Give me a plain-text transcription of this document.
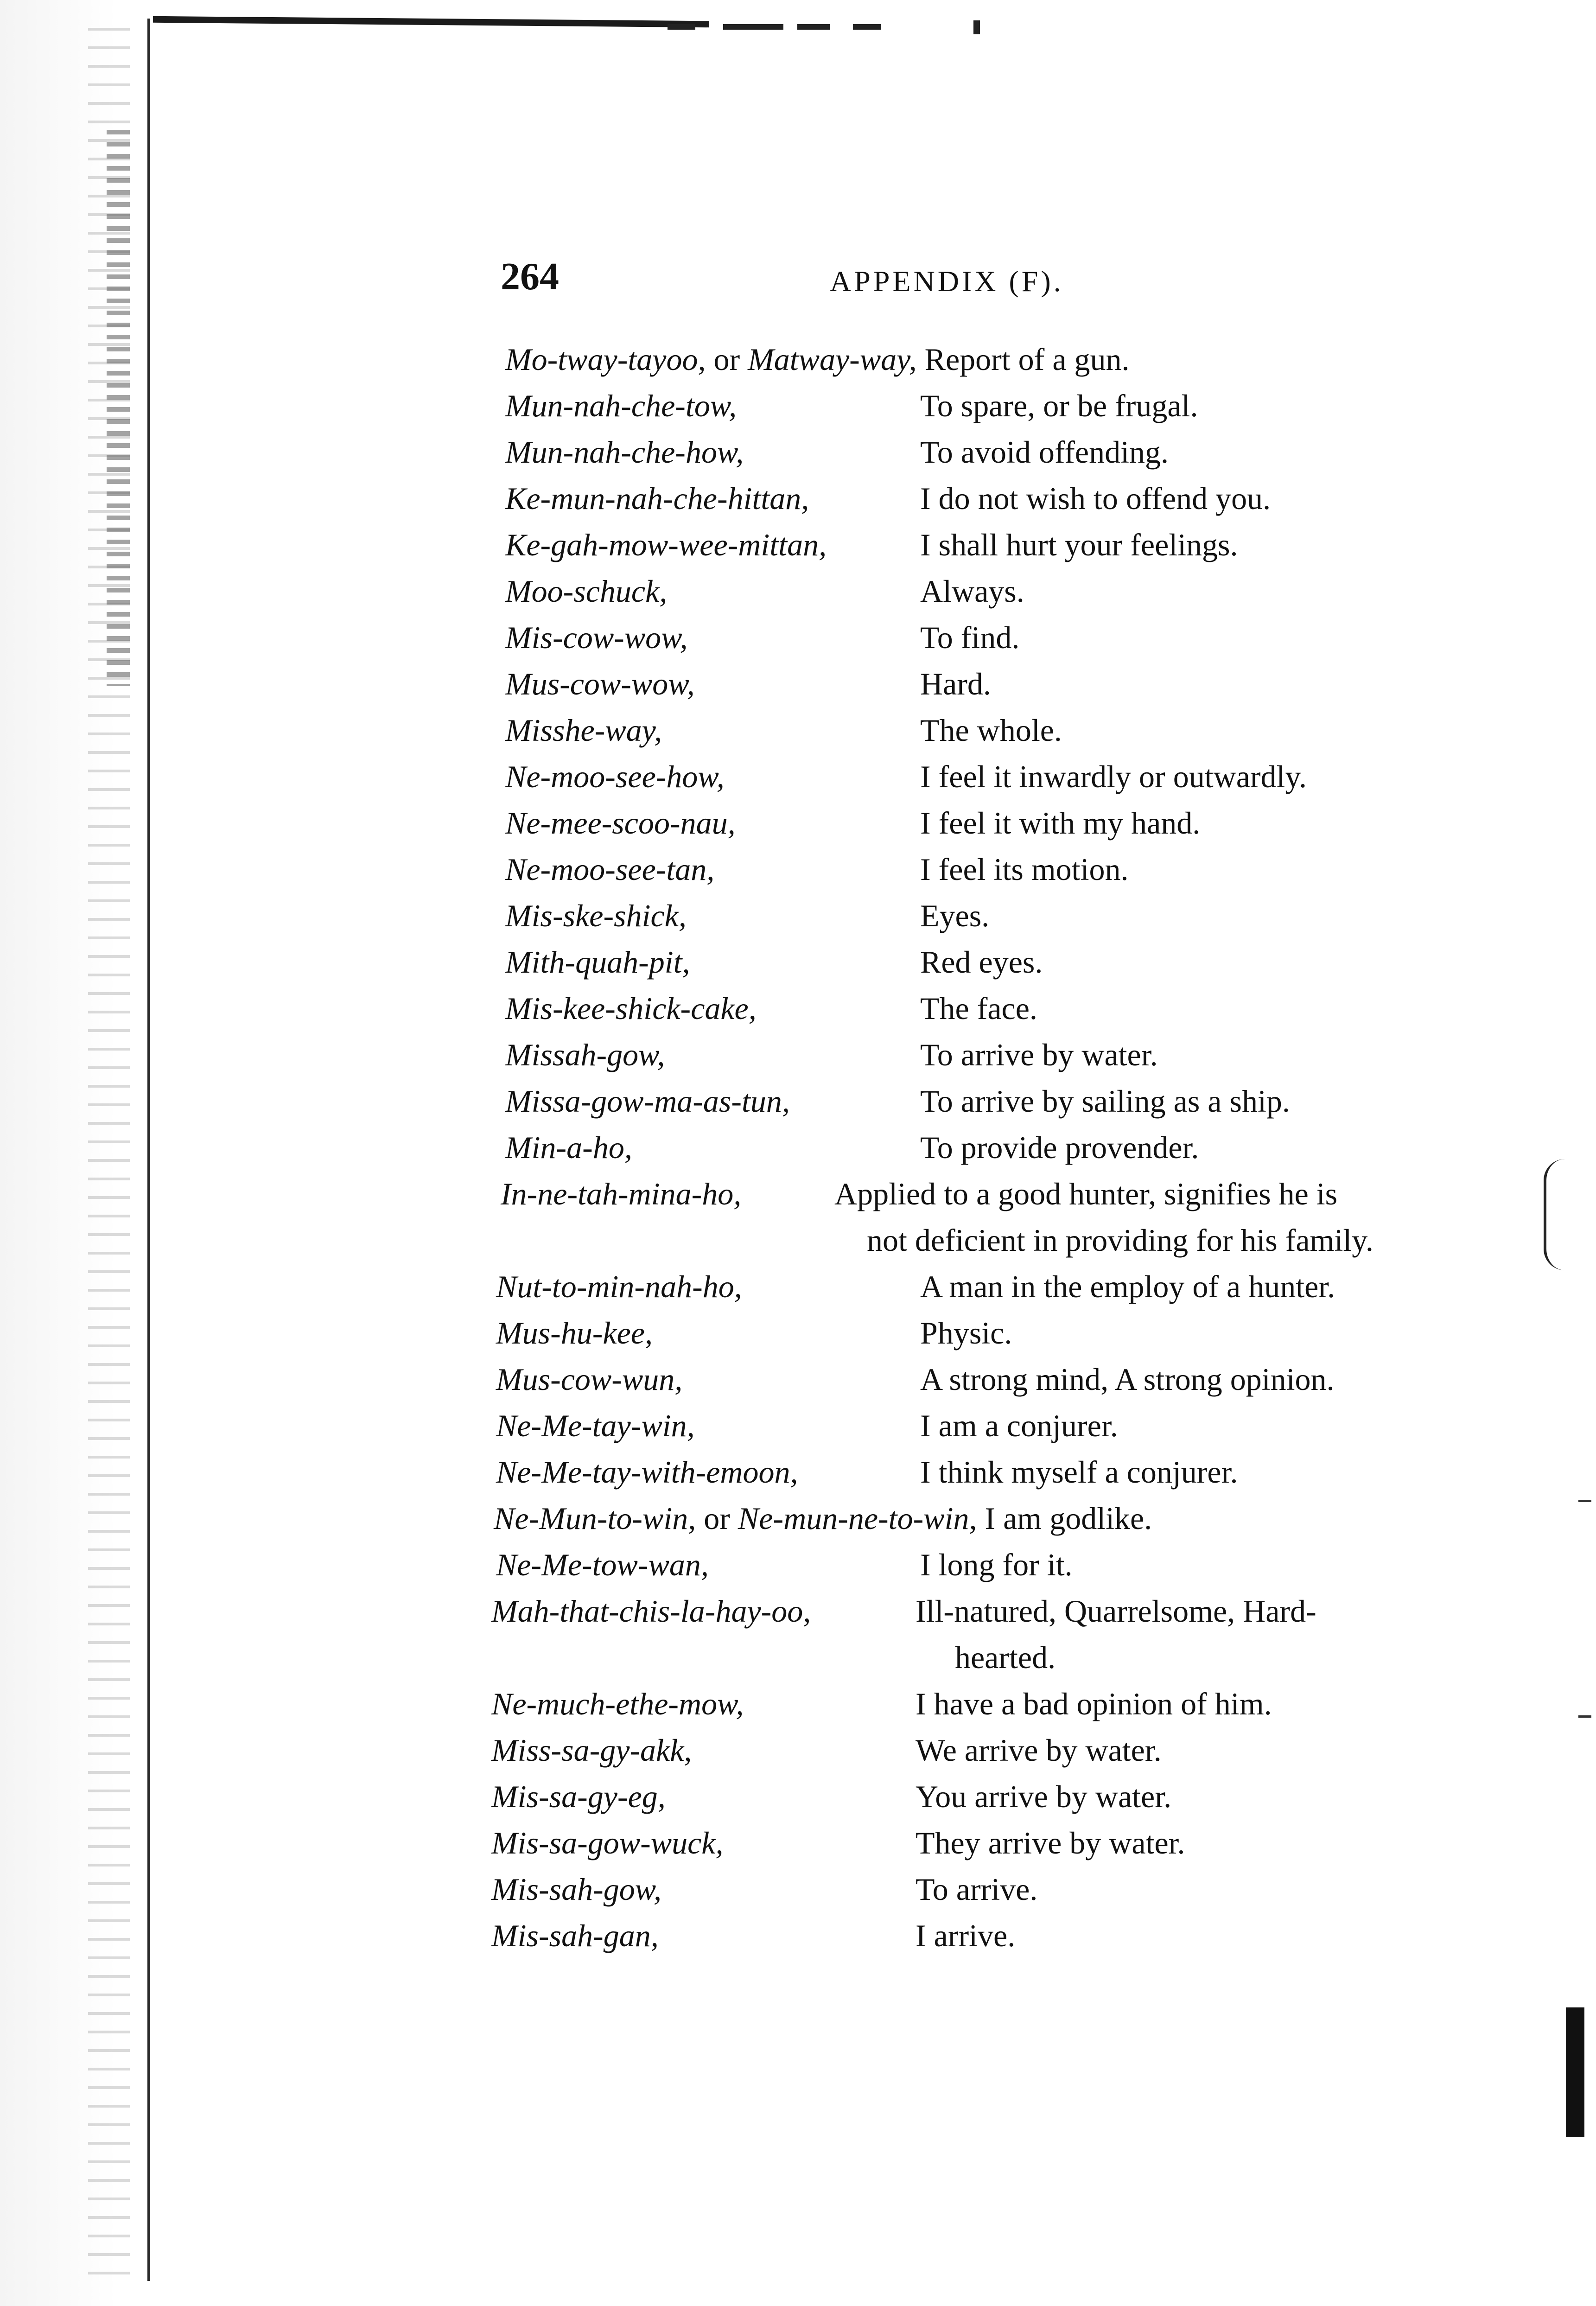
264	APPENDIX (F).
Mo-tway-tayoo, or Matway-way, Report of a gun.
Mun-nah-che-tow,	To spare, or be frugal.
Mun-nah-che-how,	To avoid offending.
Ke-mun-nah-che-hittan,	I do not wish to offend you.
Ke-gah-mow-wee-mittan,	I shall hurt your feelings.
Moo-schuck,	Always.
Mis-cow-wow,	To find.
Mus-cow-wow,	Hard.
Misshe-way,	The whole.
Ne-moo-see-how,	I feel it inwardly or outwardly.
Ne-mee-scoo-nau,	I feel it with my hand.
Ne-moo-see-tan,	I feel its motion.
Mis-ske-shick,	Eyes.
Mith-quah-pit,	Red eyes.
Mis-kee-shick-cake,	The face.
Missah-gow,	To arrive by water.
Missa-gow-ma-as-tun,	To arrive by sailing as a ship.
Min-a-ho,	To provide provender.
In-ne-tah-mina-ho,	Applied to a good hunter, signifies he is
not deficient in providing for his family.
Nut-to-min-nah-ho,	A man in the employ of a hunter.
Mus-hu-kee,	Physic.
Mus-cow-wun,	A strong mind, A strong opinion.
Ne-Me-tay-win,	I am a conjurer.
Ne-Me-tay-with-emoon,	I think myself a conjurer.
Ne-Mun-to-win, or Ne-mun-ne-to-win, I am godlike.
Ne-Me-tow-wan,	I long for it.
Mah-that-chis-la-hay-oo,	Ill-natured, Quarrelsome, Hard-
hearted.
Ne-much-ethe-mow,	I have a bad opinion of him.
Miss-sa-gy-akk,	We arrive by water.
Mis-sa-gy-eg,	You arrive by water.
Mis-sa-gow-wuck,	They arrive by water.
Mis-sah-gow,	To arrive.
Mis-sah-gan,	I arrive.
